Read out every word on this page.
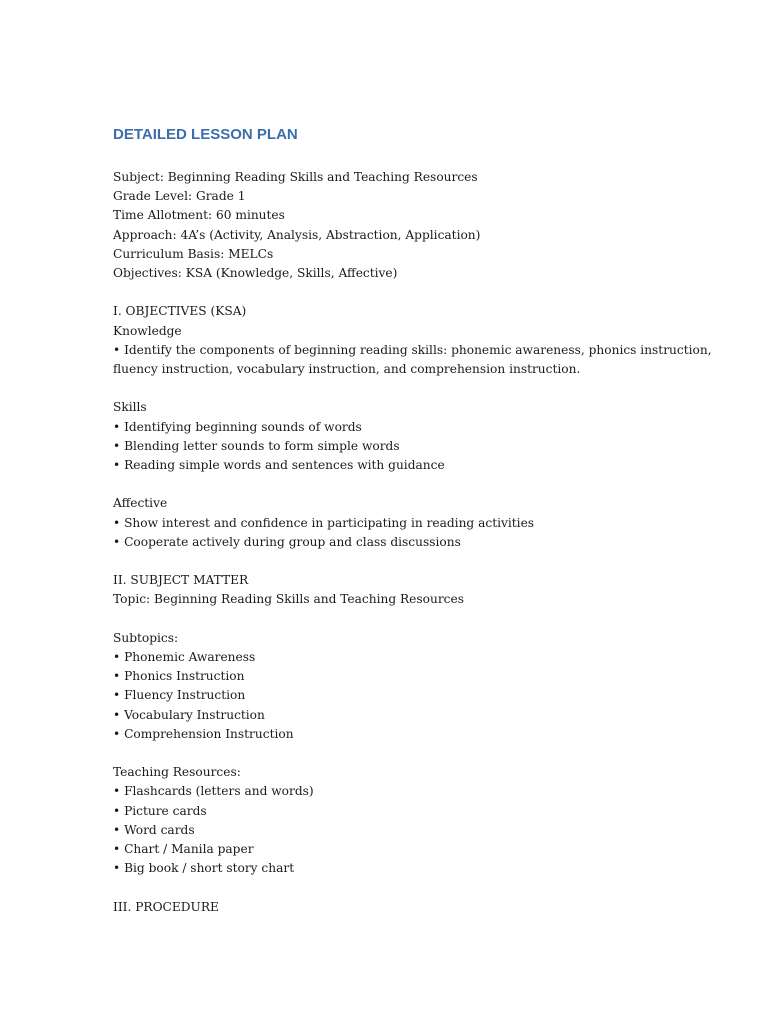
DETAILED LESSON PLAN
Subject: Beginning Reading Skills and Teaching Resources
Grade Level: Grade 1
Time Allotment: 60 minutes
Approach: 4A’s (Activity, Analysis, Abstraction, Application)
Curriculum Basis: MELCs
Objectives: KSA (Knowledge, Skills, Affective)
I. OBJECTIVES (KSA)
Knowledge
• Identify the components of beginning reading skills: phonemic awareness, phonics instruction, fluency instruction, vocabulary instruction, and comprehension instruction.
Skills
• Identifying beginning sounds of words
• Blending letter sounds to form simple words
• Reading simple words and sentences with guidance
Affective
• Show interest and confidence in participating in reading activities
• Cooperate actively during group and class discussions
II. SUBJECT MATTER
Topic: Beginning Reading Skills and Teaching Resources
Subtopics:
• Phonemic Awareness
• Phonics Instruction
• Fluency Instruction
• Vocabulary Instruction
• Comprehension Instruction
Teaching Resources:
• Flashcards (letters and words)
• Picture cards
• Word cards
• Chart / Manila paper
• Big book / short story chart
III. PROCEDURE
